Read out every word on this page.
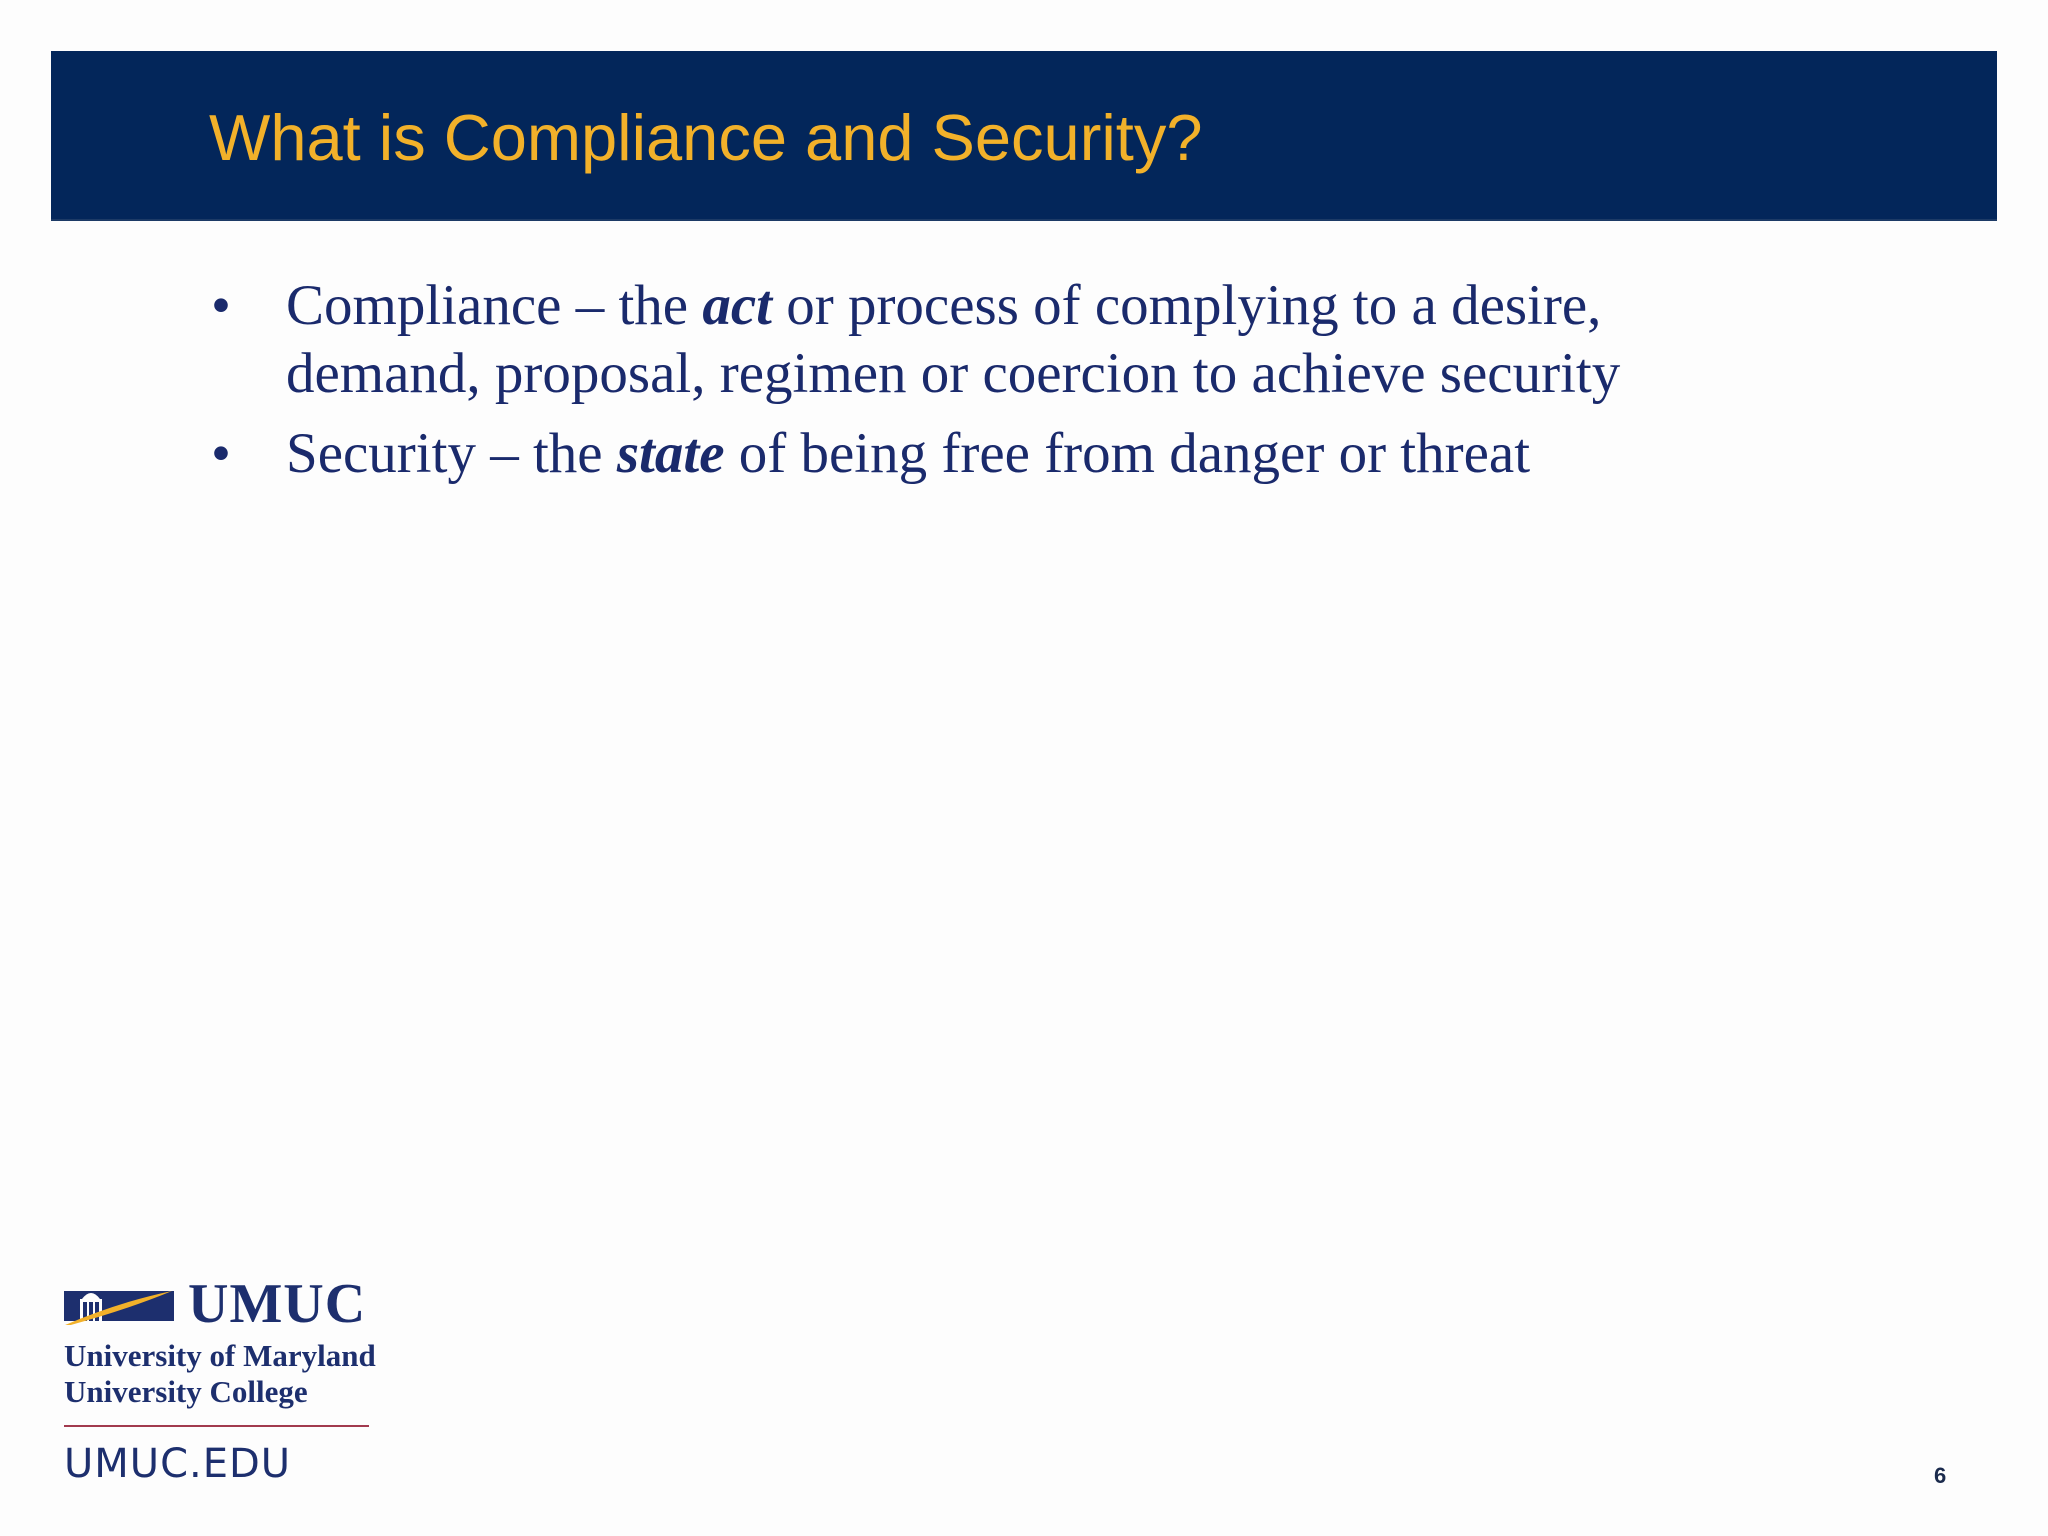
What is Compliance and Security?
• Compliance – the act or process of complying to a desire, demand, proposal, regimen or coercion to achieve security
• Security – the state of being free from danger or threat
UMUC
University of Maryland
University College
UMUC.EDU	6
